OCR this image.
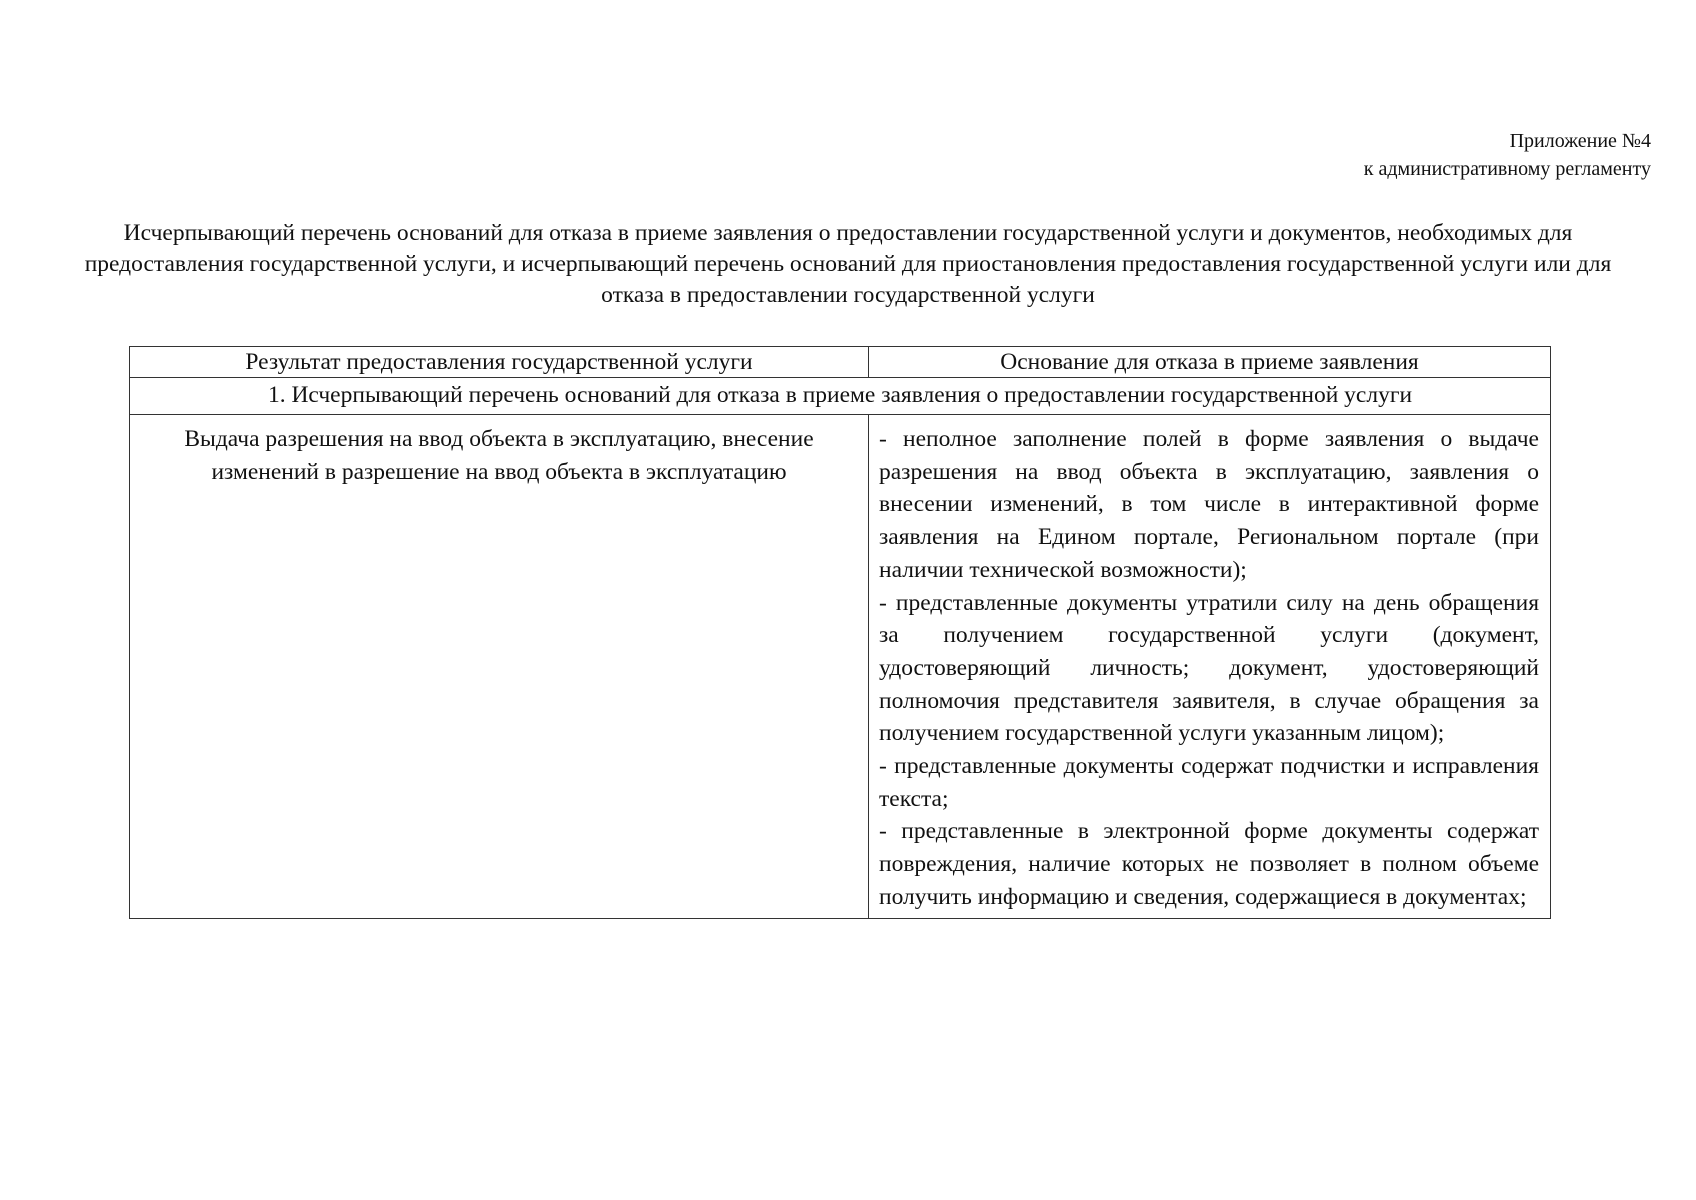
Приложение №4
к административному регламенту
Исчерпывающий перечень оснований для отказа в приеме заявления о предоставлении государственной услуги и документов, необходимых для предоставления государственной услуги, и исчерпывающий перечень оснований для приостановления предоставления государственной услуги или для отказа в предоставлении государственной услуги
Результат предоставления государственной услуги	Основание для отказа в приеме заявления
1. Исчерпывающий перечень оснований для отказа в приеме заявления о предоставлении государственной услуги	
Выдача разрешения на ввод объекта в эксплуатацию, внесение изменений в разрешение на ввод объекта в эксплуатацию	- неполное заполнение полей в форме заявления о выдаче разрешения на ввод объекта в эксплуатацию, заявления о внесении изменений, в том числе в интерактивной форме заявления на Едином портале, Региональном портале (при наличии технической возможности);
- представленные документы утратили силу на день обращения за получением государственной услуги (документ, удостоверяющий личность; документ, удостоверяющий полномочия представителя заявителя, в случае обращения за получением государственной услуги указанным лицом);
- представленные документы содержат подчистки и исправления текста;
- представленные в электронной форме документы содержат повреждения, наличие которых не позволяет в полном объеме получить информацию и сведения, содержащиеся в документах;
